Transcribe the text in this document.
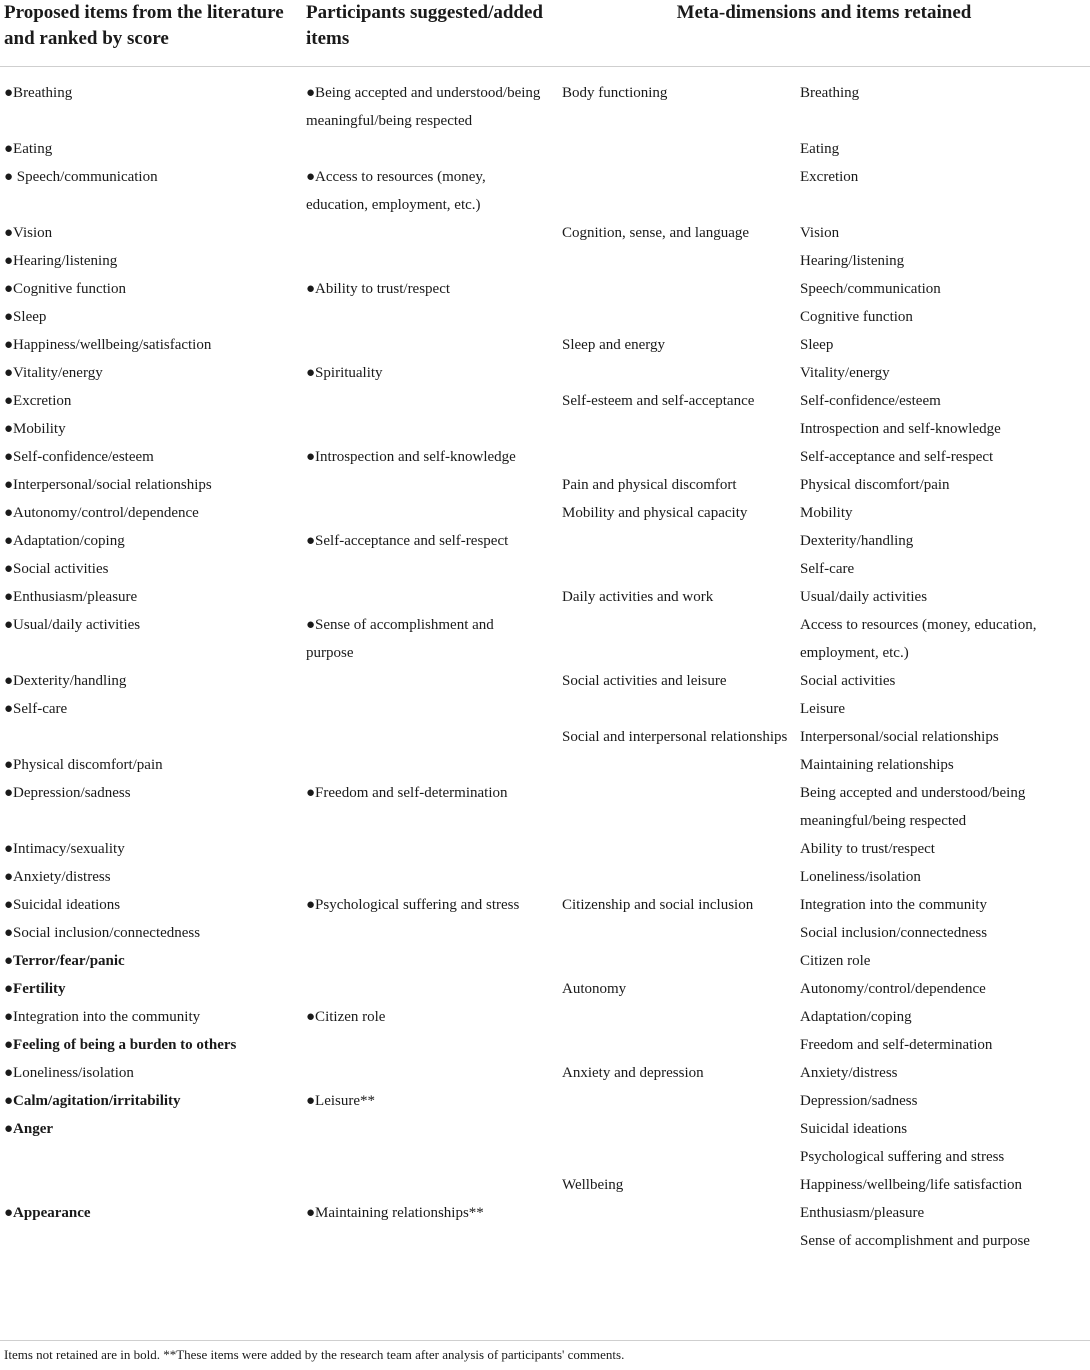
Proposed items from the literature and ranked by score	Participants suggested/added items	Meta-dimensions and items retained	
●Breathing	●Being accepted and understood/being meaningful/being respected	Body functioning	Breathing
●Eating			Eating
● Speech/communication	●Access to resources (money, education, employment, etc.)		Excretion
●Vision		Cognition, sense, and language	Vision
●Hearing/listening			Hearing/listening
●Cognitive function	●Ability to trust/respect		Speech/communication
●Sleep			Cognitive function
●Happiness/wellbeing/satisfaction		Sleep and energy	Sleep
●Vitality/energy	●Spirituality		Vitality/energy
●Excretion		Self-esteem and self-acceptance	Self-confidence/esteem
●Mobility			Introspection and self-knowledge
●Self-confidence/esteem	●Introspection and self-knowledge		Self-acceptance and self-respect
●Interpersonal/social relationships		Pain and physical discomfort	Physical discomfort/pain
●Autonomy/control/dependence		Mobility and physical capacity	Mobility
●Adaptation/coping	●Self-acceptance and self-respect		Dexterity/handling
●Social activities			Self-care
●Enthusiasm/pleasure		Daily activities and work	Usual/daily activities
●Usual/daily activities	●Sense of accomplishment and purpose		Access to resources (money, education, employment, etc.)
●Dexterity/handling		Social activities and leisure	Social activities
●Self-care			Leisure
		Social and interpersonal relationships	Interpersonal/social relationships
●Physical discomfort/pain			Maintaining relationships
●Depression/sadness	●Freedom and self-determination		Being accepted and understood/being meaningful/being respected
●Intimacy/sexuality			Ability to trust/respect
●Anxiety/distress			Loneliness/isolation
●Suicidal ideations	●Psychological suffering and stress	Citizenship and social inclusion	Integration into the community
●Social inclusion/connectedness			Social inclusion/connectedness
●Terror/fear/panic			Citizen role
●Fertility		Autonomy	Autonomy/control/dependence
●Integration into the community	●Citizen role		Adaptation/coping
●Feeling of being a burden to others			Freedom and self-determination
●Loneliness/isolation		Anxiety and depression	Anxiety/distress
●Calm/agitation/irritability	●Leisure**		Depression/sadness
●Anger			Suicidal ideations
			Psychological suffering and stress
		Wellbeing	Happiness/wellbeing/life satisfaction
●Appearance	●Maintaining relationships**		Enthusiasm/pleasure
			Sense of accomplishment and purpose
Items not retained are in bold. **These items were added by the research team after analysis of participants' comments.
